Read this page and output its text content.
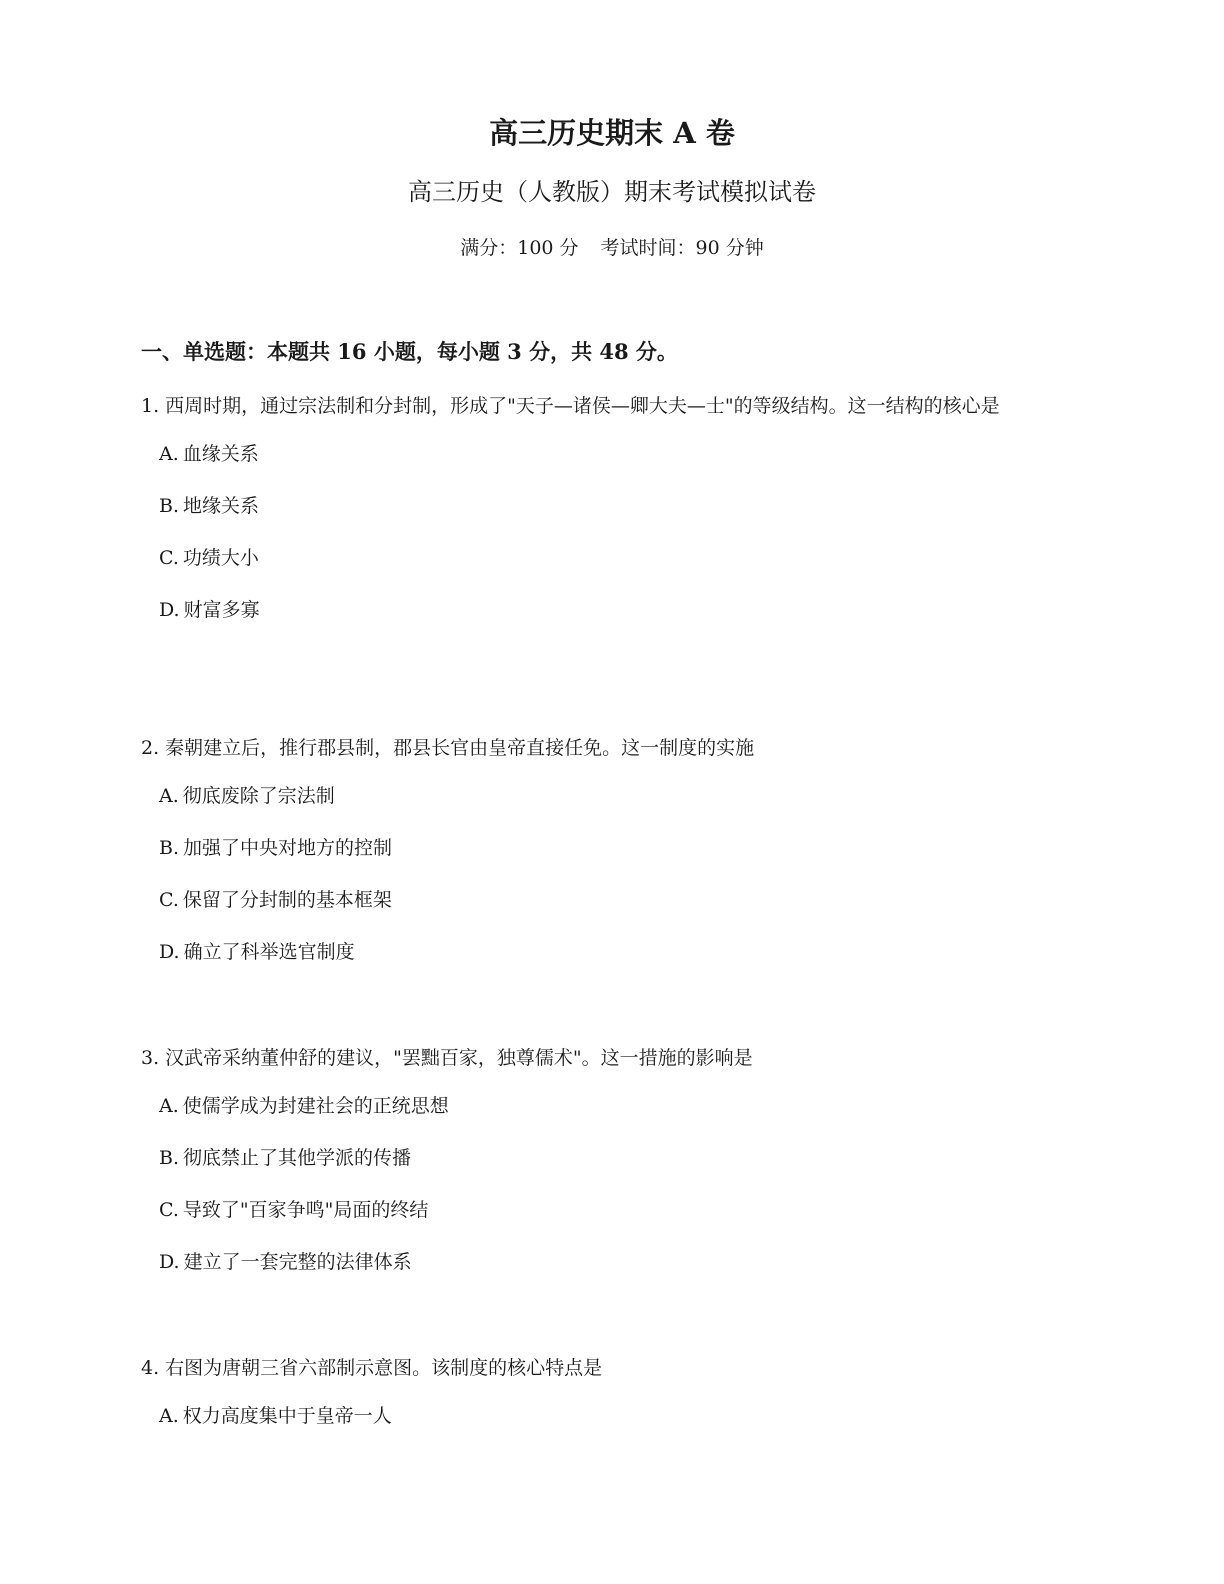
高三历史期末 A 卷
高三历史（人教版）期末考试模拟试卷
满分：100 分 考试时间：90 分钟
一、单选题：本题共 16 小题，每小题 3 分，共 48 分。
1. 西周时期，通过宗法制和分封制，形成了"天子—诸侯—卿大夫—士"的等级结构。这一结构的核心是
A. 血缘关系
B. 地缘关系
C. 功绩大小
D. 财富多寡
2. 秦朝建立后，推行郡县制，郡县长官由皇帝直接任免。这一制度的实施
A. 彻底废除了宗法制
B. 加强了中央对地方的控制
C. 保留了分封制的基本框架
D. 确立了科举选官制度
3. 汉武帝采纳董仲舒的建议，"罢黜百家，独尊儒术"。这一措施的影响是
A. 使儒学成为封建社会的正统思想
B. 彻底禁止了其他学派的传播
C. 导致了"百家争鸣"局面的终结
D. 建立了一套完整的法律体系
4. 右图为唐朝三省六部制示意图。该制度的核心特点是
A. 权力高度集中于皇帝一人
